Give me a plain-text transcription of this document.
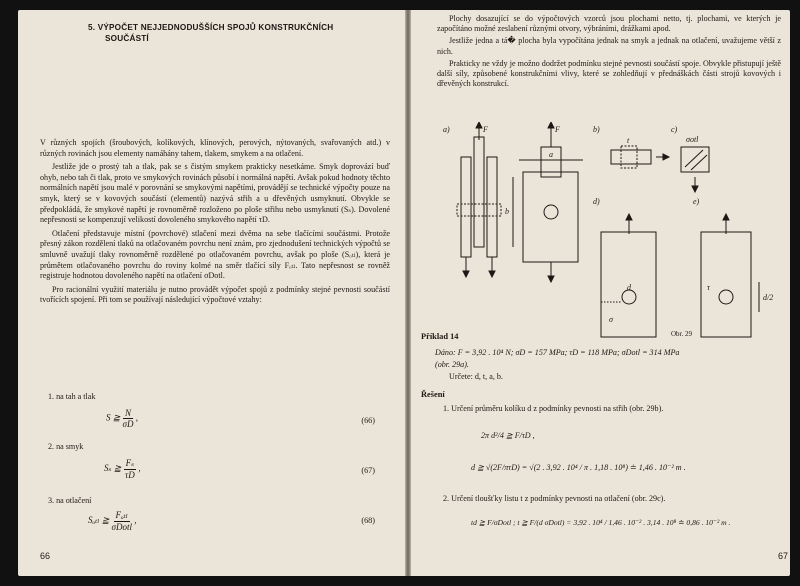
5. VÝPOČET NEJJEDNODUŠŠÍCH SPOJŮ KONSTRUKČNÍCH
SOUČÁSTÍ

V různých spojích (šroubových, kolíkových, klínových, perových, nýtovaných, svařovaných atd.) v různých rovinách jsou elementy namáhány tahem, tlakem, smykem a na otlačení.

Jestliže jde o prostý tah a tlak, pak se s čistým smykem prakticky nesetkáme. Smyk doprovází buď ohyb, nebo tah či tlak, proto ve smykových rovinách působí i normálná napětí. Avšak pokud hodnoty těchto normálních napětí jsou malé v porovnání se smykovými napětími, provádějí se technické výpočty pouze na smyk, který se v kovových součástí (elementů) nazývá střih a u dřevěných usmyknutí. Obvykle se předpokládá, že smykové napětí je rovnoměrně rozloženo po ploše střihu nebo usmyknutí (Sₛ). Dovolené nepřesnosti se kompenzují velikostí dovoleného smykového napětí τD.

Otlačení představuje místní (povrchové) stlačení mezi dvěma na sebe tlačícími součástmi. Protože přesný zákon rozdělení tlaků na otlačovaném povrchu není znám, pro zjednodušení technických výpočtů se smluvně uvažují tlaky rovnoměrně rozdělené po otlačovaném povrchu, avšak po ploše (Sₒₜₗ), která je průmětem otlačovaného povrchu do roviny kolmé na směr tlačící síly Fₒₜₗ. Tato nepřesnost se rovněž registruje hodnotou dovoleného napětí na otlačení σDotl.

Pro racionální využití materiálu je nutno provádět výpočet spojů z podmínky stejné pevnosti součástí tvořících spojení. Při tom se používají následující výpočtové vztahy:

1. na tah a tlak
S ≧ $\frac{N}{\sigma D}$ ,	(66)
2. na smyk
Sₛ ≧ $\frac{\text{Fₛ}}{\tau D}$ ,	(67)
3. na otlačení
Sₒₜₗ ≧ $\frac{\text{Fₒₜₗ}}{\text{σDotl}}$ ,	(68)
66

Plochy dosazující se do výpočtových vzorců jsou plochami netto, tj. plochami, ve kterých je započítáno možné zeslabení různými otvory, výbráními, drážkami apod.

Jestliže jedna a tá� plocha byla vypočítána jednak na smyk a jednak na otlačení, uvažujeme větší z nich.

Prakticky ne vždy je možno dodržet podmínku stejné pevnosti součástí spoje. Obvykle přistupují ještě další síly, způsobené konstrukčními vlivy, které se zohledňují v přednáškách části strojů kovových i dřevěných konstrukcí.

a)	b)	c)
d)	e)
F	F
a
b
d
t	σotl
τ
σ
d/2
Obr. 29
Příklad 14
Dáno: F = 3,92 . 10⁴ N; σD = 157 MPa; τD = 118 MPa; σDotl = 314 MPa
(obr. 29a).
Určete: d, t, a, b.
Řešení
1. Určení průměru kolíku d z podmínky pevnosti na střih (obr. 29b).
2π d²/4 ≧ F/τD ,
d ≧ √(2F/πτD) = √(2 . 3,92 . 10⁴ / π . 1,18 . 10⁸) ≐ 1,46 . 10⁻² m .
2. Určení tloušťky listu t z podmínky pevnosti na otlačení (obr. 29c).
td ≧ F/σDotl ; t ≧ F/(d σDotl) = 3,92 . 10⁴ / 1,46 . 10⁻² . 3,14 . 10⁸ ≐ 0,86 . 10⁻² m .
67
